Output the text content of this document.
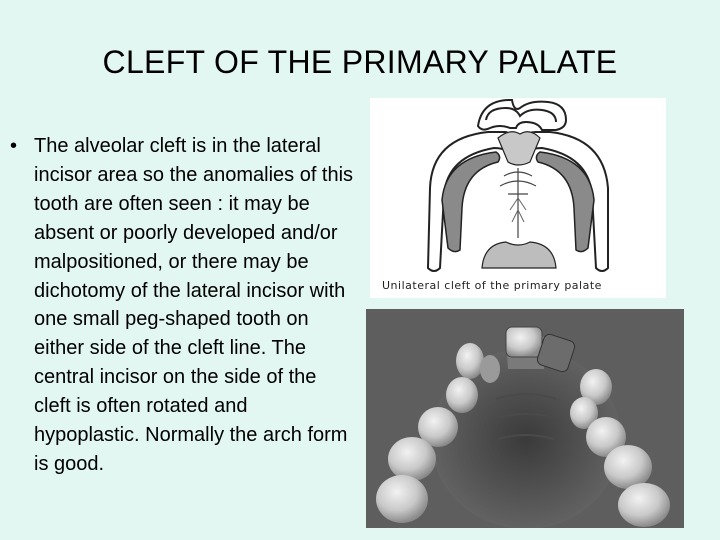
CLEFT OF THE PRIMARY PALATE
• The alveolar cleft is in the lateral incisor area so the anomalies of this tooth are often seen : it may be absent or poorly developed and/or malpositioned, or there may be dichotomy of the lateral incisor with one small peg-shaped tooth on either side of the cleft line. The central incisor on the side of the cleft is often rotated and hypoplastic. Normally the arch form is good.
Unilateral cleft of the primary palate
